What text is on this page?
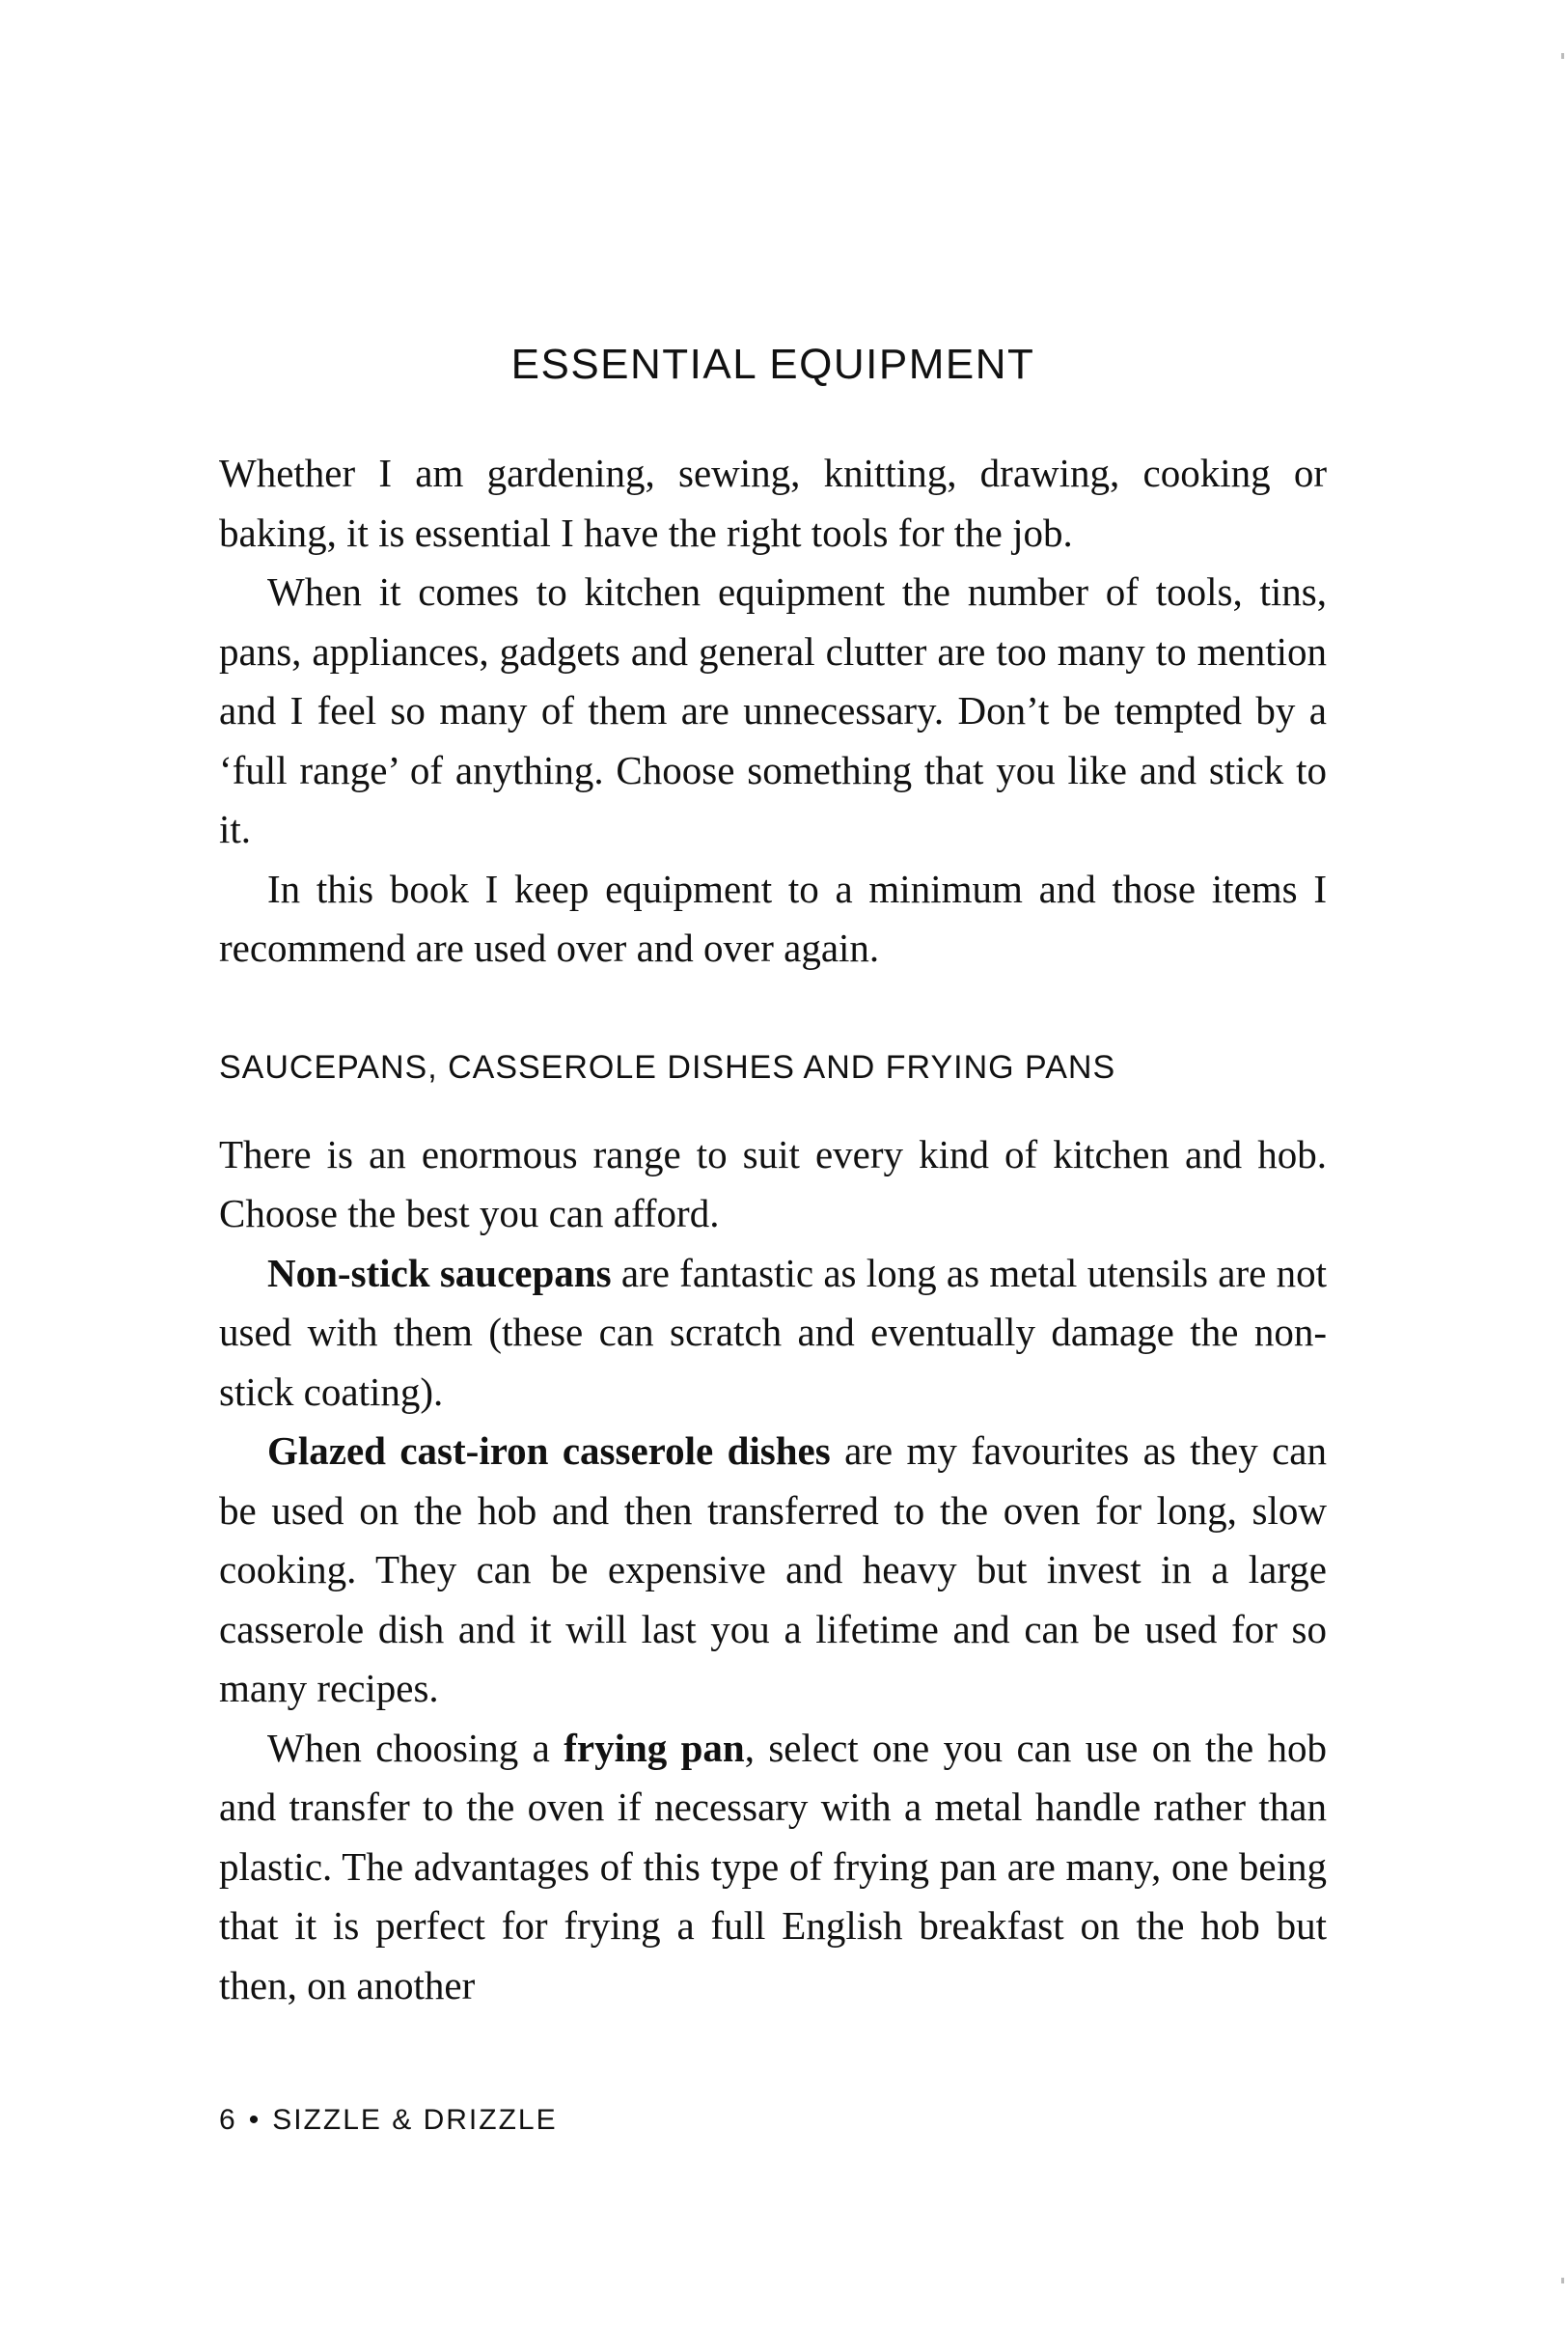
ESSENTIAL EQUIPMENT

Whether I am gardening, sewing, knitting, drawing, cooking or baking, it is essential I have the right tools for the job.

When it comes to kitchen equipment the number of tools, tins, pans, appliances, gadgets and general clutter are too many to mention and I feel so many of them are unnecessary. Don’t be tempted by a ‘full range’ of anything. Choose something that you like and stick to it.

In this book I keep equipment to a minimum and those items I recommend are used over and over again.

SAUCEPANS, CASSEROLE DISHES AND FRYING PANS

There is an enormous range to suit every kind of kitchen and hob. Choose the best you can afford.

Non-stick saucepans are fantastic as long as metal utensils are not used with them (these can scratch and eventually damage the non-stick coating).

Glazed cast-iron casserole dishes are my favourites as they can be used on the hob and then transferred to the oven for long, slow cooking. They can be expensive and heavy but invest in a large casserole dish and it will last you a lifetime and can be used for so many recipes.

When choosing a frying pan, select one you can use on the hob and transfer to the oven if necessary with a metal handle rather than plastic. The advantages of this type of frying pan are many, one being that it is perfect for frying a full English breakfast on the hob but then, on another

6 • SIZZLE & DRIZZLE
